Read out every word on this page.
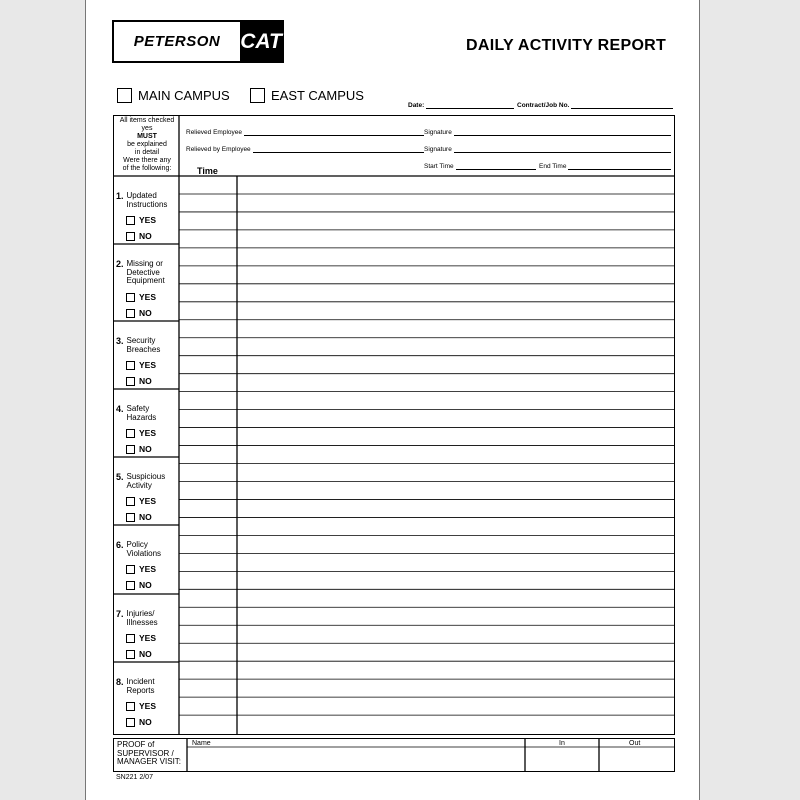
PETERSON CAT	DAILY ACTIVITY REPORT
MAIN CAMPUS	EAST CAMPUS
Date:	Contract/Job No.
Relieved Employee	Signature
Relieved by Employee	Signature
Start Time	End Time
Time
All items checked yes
MUST
be explained
in detail
Were there any
of the following:
1. Updated
Instructions
YES
NO
2. Missing or
Detective
Equipment
YES
NO
3. Security
Breaches
YES
NO
4. Safety
Hazards
YES
NO
5. Suspicious
Activity
YES
NO
6. Policy
Violations
YES
NO
7. Injuries/
Illnesses
YES
NO
8. Incident
Reports
YES
NO
PROOF of
SUPERVISOR /
MANAGER VISIT:
Name	In	Out
SN221 2/07
